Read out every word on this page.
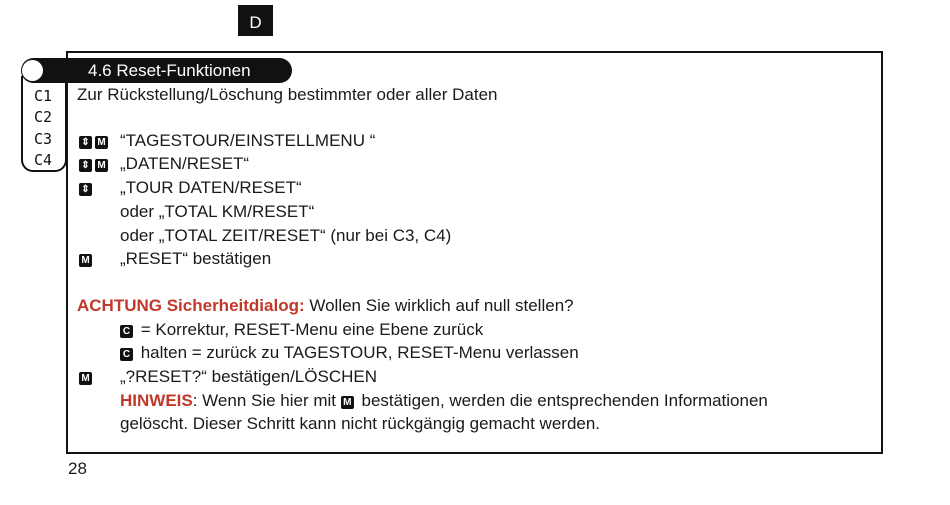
D
C1
C2
C3
C4
4.6 Reset-Funktionen
Zur Rückstellung/Löschung bestimmter oder aller Daten
⇕ M
⇕ M
⇕
M
“TAGESTOUR/EINSTELLMENU “
„DATEN/RESET“
„TOUR DATEN/RESET“
oder „TOTAL KM/RESET“
oder „TOTAL ZEIT/RESET“ (nur bei C3, C4)
„RESET“ bestätigen
ACHTUNG Sicherheitdialog: Wollen Sie wirklich auf null stellen?
C = Korrektur, RESET-Menu eine Ebene zurück
C halten = zurück zu TAGESTOUR, RESET-Menu verlassen
M	„?RESET?“ bestätigen/LÖSCHEN
HINWEIS: Wenn Sie hier mit M bestätigen, werden die entsprechenden Informationen
gelöscht. Dieser Schritt kann nicht rückgängig gemacht werden.
28
